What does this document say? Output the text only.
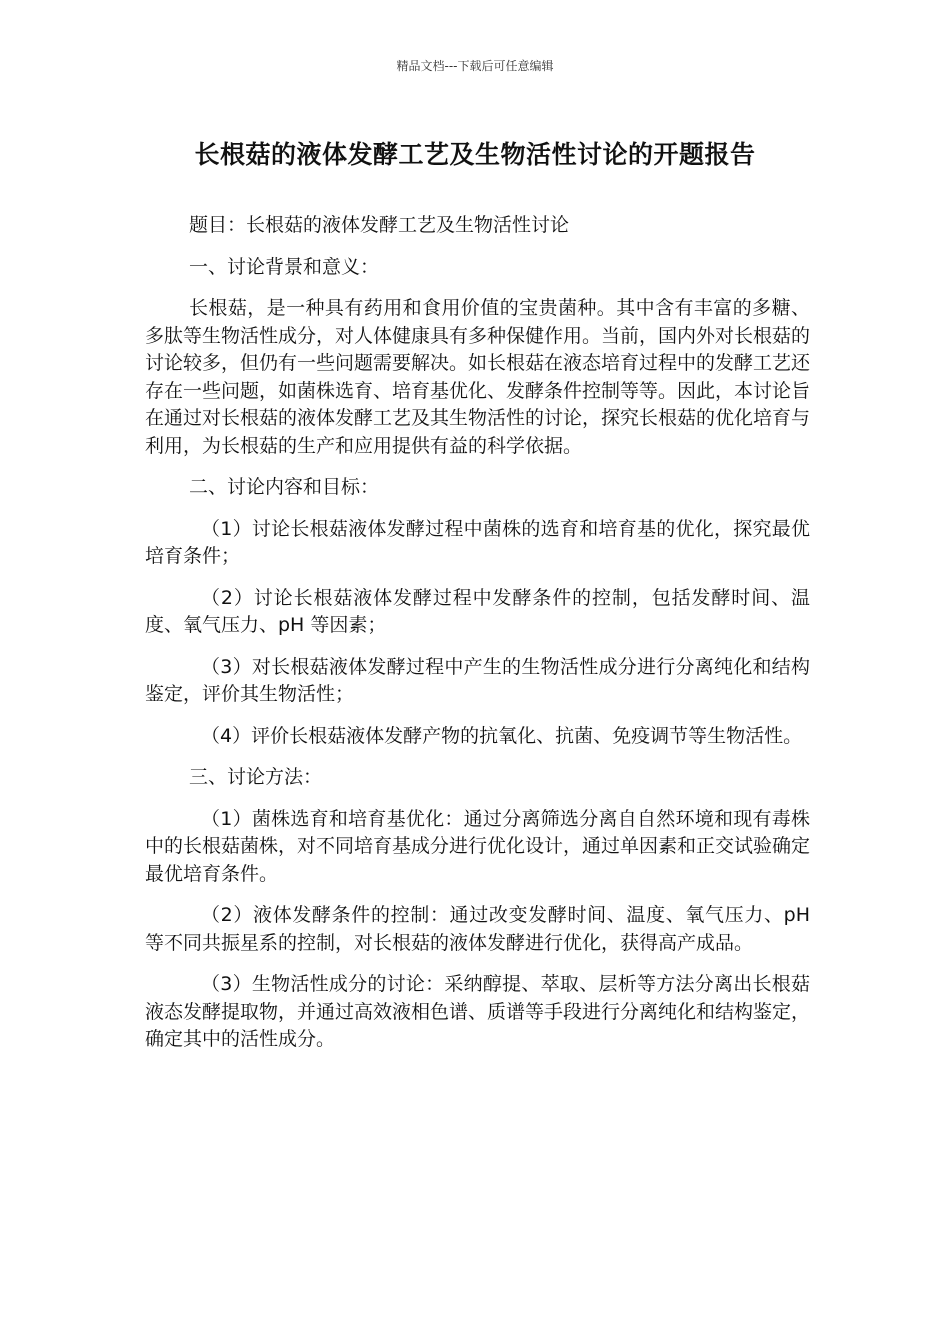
精品文档---下载后可任意编辑
长根菇的液体发酵工艺及生物活性讨论的开题报告

题目：长根菇的液体发酵工艺及生物活性讨论

一、讨论背景和意义：

长根菇，是一种具有药用和食用价值的宝贵菌种。其中含有丰富的多糖、多肽等生物活性成分，对人体健康具有多种保健作用。当前，国内外对长根菇的讨论较多，但仍有一些问题需要解决。如长根菇在液态培育过程中的发酵工艺还存在一些问题，如菌株选育、培育基优化、发酵条件控制等等。因此，本讨论旨在通过对长根菇的液体发酵工艺及其生物活性的讨论，探究长根菇的优化培育与利用，为长根菇的生产和应用提供有益的科学依据。

二、讨论内容和目标：

（1）讨论长根菇液体发酵过程中菌株的选育和培育基的优化，探究最优培育条件；

（2）讨论长根菇液体发酵过程中发酵条件的控制，包括发酵时间、温度、氧气压力、pH 等因素；

（3）对长根菇液体发酵过程中产生的生物活性成分进行分离纯化和结构鉴定，评价其生物活性；

（4）评价长根菇液体发酵产物的抗氧化、抗菌、免疫调节等生物活性。

三、讨论方法：

（1）菌株选育和培育基优化：通过分离筛选分离自自然环境和现有毒株中的长根菇菌株，对不同培育基成分进行优化设计，通过单因素和正交试验确定最优培育条件。

（2）液体发酵条件的控制：通过改变发酵时间、温度、氧气压力、pH 等不同共振星系的控制，对长根菇的液体发酵进行优化，获得高产成品。

（3）生物活性成分的讨论：采纳醇提、萃取、层析等方法分离出长根菇液态发酵提取物，并通过高效液相色谱、质谱等手段进行分离纯化和结构鉴定，确定其中的活性成分。
